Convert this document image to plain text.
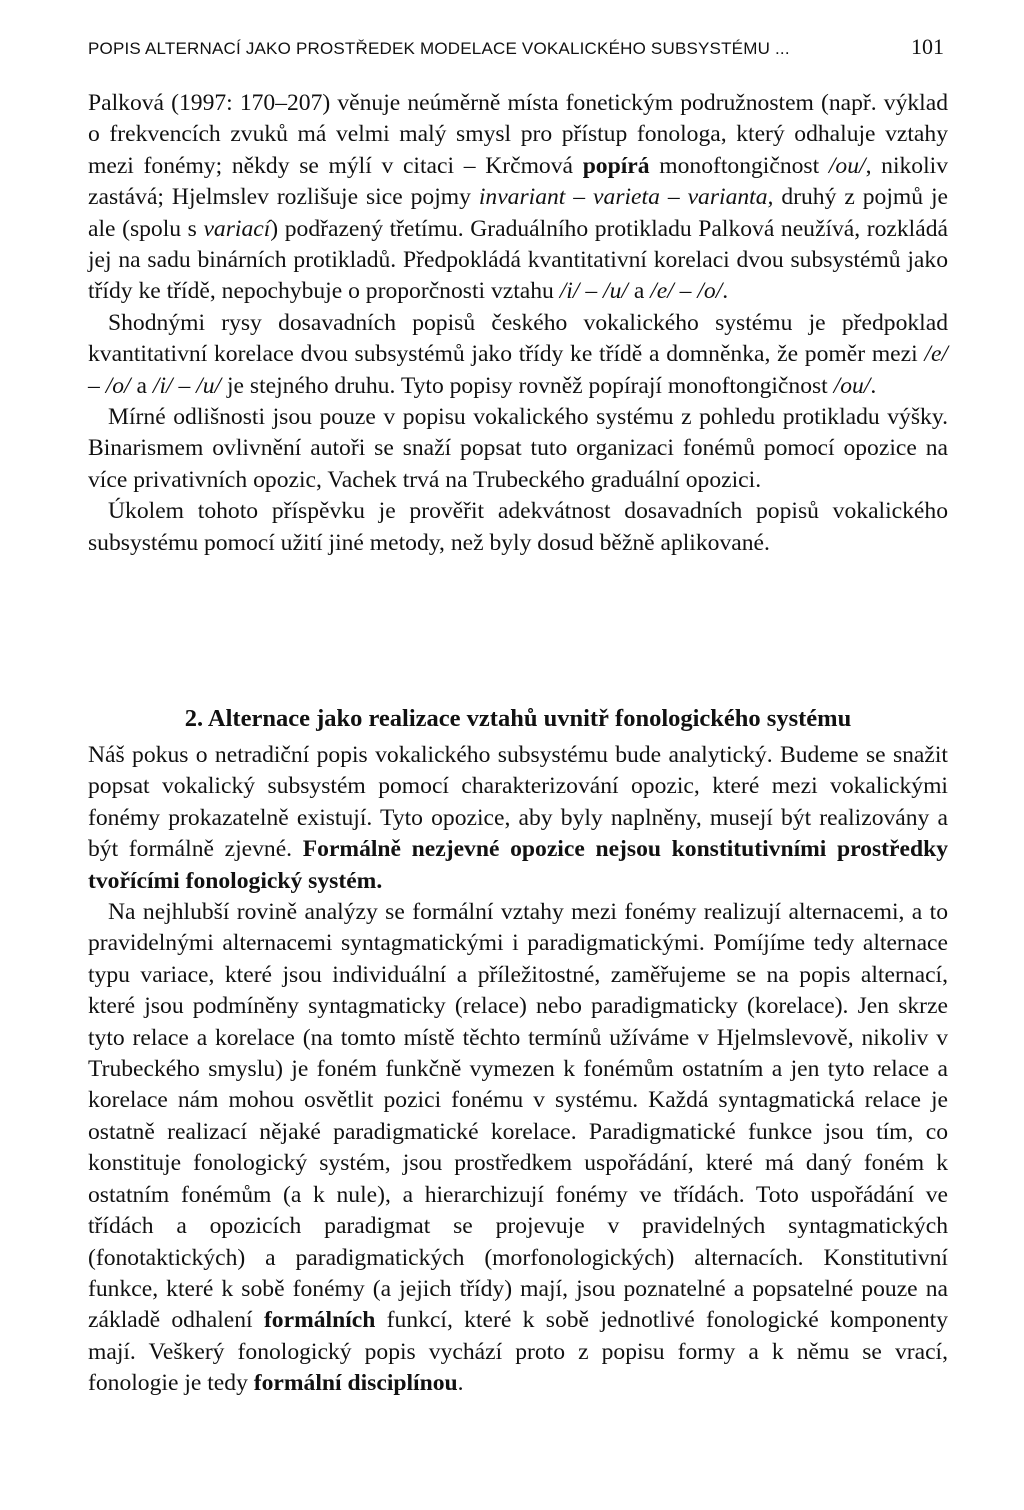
POPIS ALTERNACÍ JAKO PROSTŘEDEK MODELACE VOKALICKÉHO SUBSYSTÉMU ...	101

Palková (1997: 170–207) věnuje neúměrně místa fonetickým podružnostem (např. výklad o frekvencích zvuků má velmi malý smysl pro přístup fonologa, který odhaluje vztahy mezi fonémy; někdy se mýlí v citaci – Krčmová popírá monoftongičnost /ou/, nikoliv zastává; Hjelmslev rozlišuje sice pojmy invariant – varieta – varianta, druhý z pojmů je ale (spolu s variací) podřazený třetímu. Graduálního protikladu Palková neužívá, rozkládá jej na sadu binárních protikladů. Předpokládá kvantitativní korelaci dvou subsystémů jako třídy ke třídě, nepochybuje o proporčnosti vztahu /i/ – /u/ a /e/ – /o/.

Shodnými rysy dosavadních popisů českého vokalického systému je předpoklad kvantitativní korelace dvou subsystémů jako třídy ke třídě a domněnka, že poměr mezi /e/ – /o/ a /i/ – /u/ je stejného druhu. Tyto popisy rovněž popírají monoftongičnost /ou/.

Mírné odlišnosti jsou pouze v popisu vokalického systému z pohledu protikladu výšky. Binarismem ovlivnění autoři se snaží popsat tuto organizaci fonémů pomocí opozice na více privativních opozic, Vachek trvá na Trubeckého graduální opozici.

Úkolem tohoto příspěvku je prověřit adekvátnost dosavadních popisů vokalického subsystému pomocí užití jiné metody, než byly dosud běžně aplikované.

2. Alternace jako realizace vztahů uvnitř fonologického systému

Náš pokus o netradiční popis vokalického subsystému bude analytický. Budeme se snažit popsat vokalický subsystém pomocí charakterizování opozic, které mezi vokalickými fonémy prokazatelně existují. Tyto opozice, aby byly naplněny, musejí být realizovány a být formálně zjevné. Formálně nezjevné opozice nejsou konstitutivními prostředky tvořícími fonologický systém.

Na nejhlubší rovině analýzy se formální vztahy mezi fonémy realizují alternacemi, a to pravidelnými alternacemi syntagmatickými i paradigmatickými. Pomíjíme tedy alternace typu variace, které jsou individuální a příležitostné, zaměřujeme se na popis alternací, které jsou podmíněny syntagmaticky (relace) nebo paradigmaticky (korelace). Jen skrze tyto relace a korelace (na tomto místě těchto termínů užíváme v Hjelmslevově, nikoliv v Trubeckého smyslu) je foném funkčně vymezen k fonémům ostatním a jen tyto relace a korelace nám mohou osvětlit pozici fonému v systému. Každá syntagmatická relace je ostatně realizací nějaké paradigmatické korelace. Paradigmatické funkce jsou tím, co konstituje fonologický systém, jsou prostředkem uspořádání, které má daný foném k ostatním fonémům (a k nule), a hierarchizují fonémy ve třídách. Toto uspořádání ve třídách a opozicích paradigmat se projevuje v pravidelných syntagmatických (fonotaktických) a paradigmatických (morfonologických) alternacích. Konstitutivní funkce, které k sobě fonémy (a jejich třídy) mají, jsou poznatelné a popsatelné pouze na základě odhalení formálních funkcí, které k sobě jednotlivé fonologické komponenty mají. Veškerý fonologický popis vychází proto z popisu formy a k němu se vrací, fonologie je tedy formální disciplínou.
